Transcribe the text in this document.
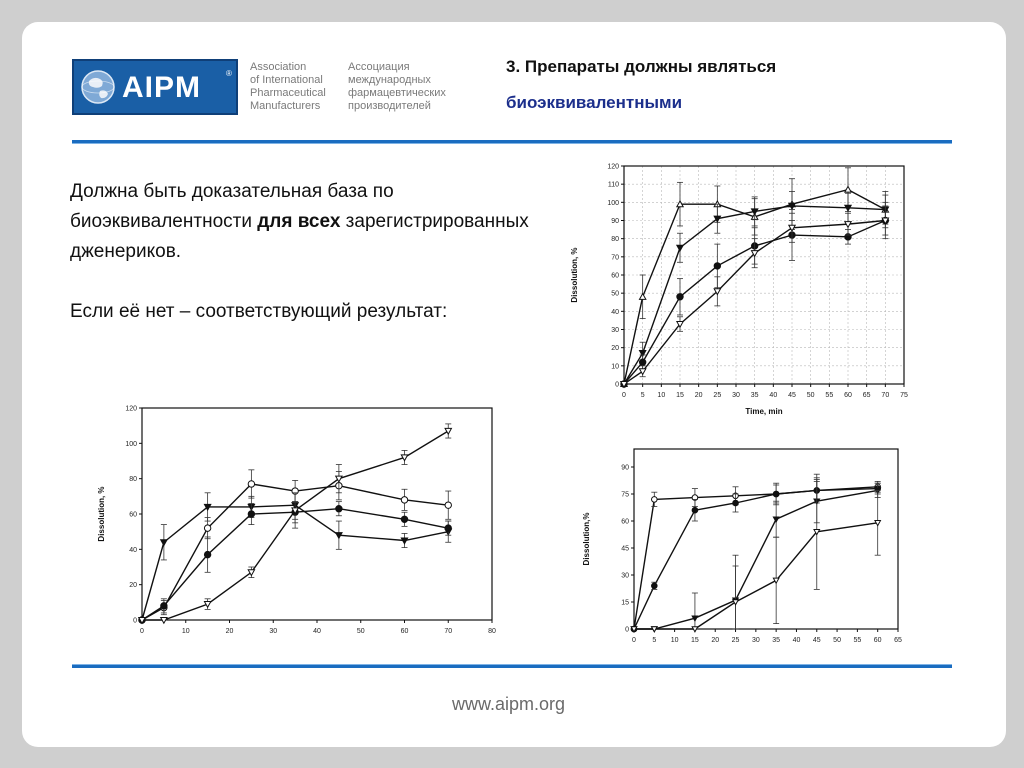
AIPM	®
Association
of International
Pharmaceutical
Manufacturers
Ассоциация
международных
фармацевтических
производителей
3. Препараты должны являться
биоэквивалентными

Должна быть доказательная база по биоэквивалентности для всех зарегистрированных дженериков.

Если её нет – соответствующий результат:

0 5 10 15 20 25 30 35 40 45 50 55 60 65 70 75
0
10
20
30
40
50
60
70
80
90
100
110
120
Time, min
Dissolution, %
0	10	20	30	40	50	60	70	80
0
20
40
60
80
100
120
Dissolution, %
0 5 10 15 20 25 30 35 40 45 50 55 60 65
0
15
30
45
60
75
90
Dissolution,%
www.aipm.org
